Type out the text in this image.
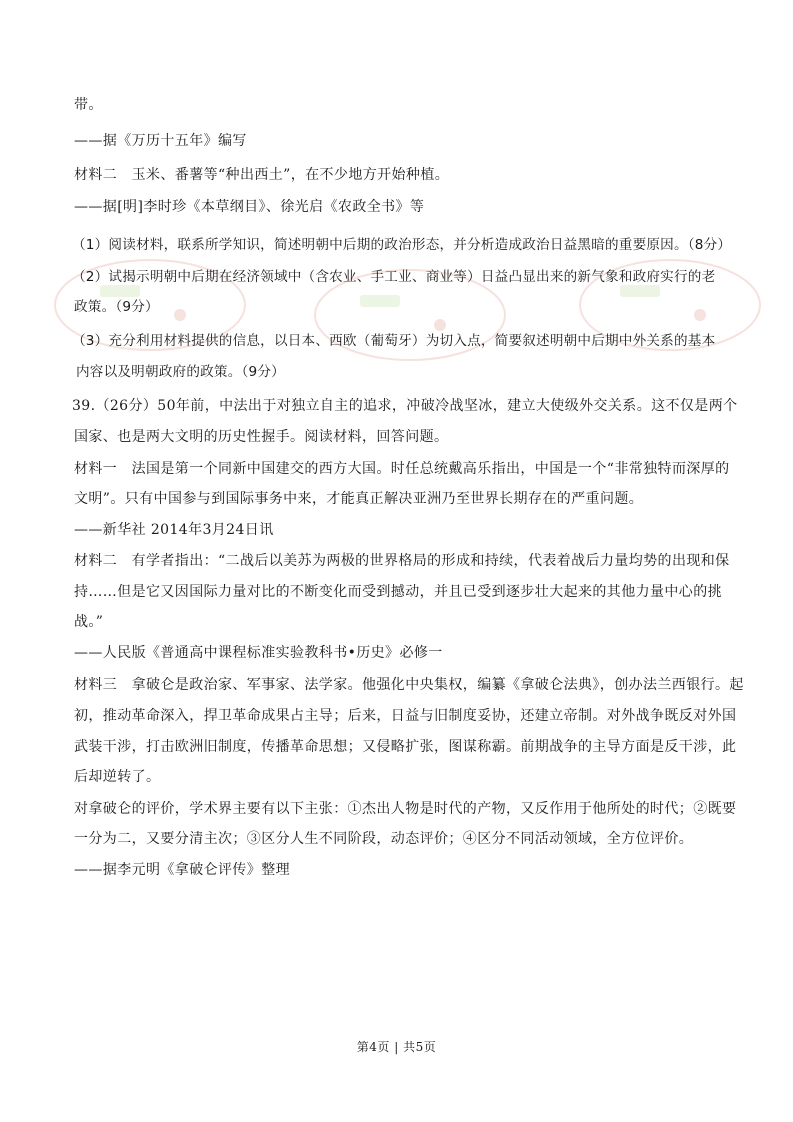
带。
——据《万历十五年》编写
材料二　玉米、番薯等“种出西土”，在不少地方开始种植。
——据[明]李时珍《本草纲目》、徐光启《农政全书》等
（1）阅读材料，联系所学知识，简述明朝中后期的政治形态，并分析造成政治日益黑暗的重要原因。（8分）
（2）试揭示明朝中后期在经济领域中（含农业、手工业、商业等）日益凸显出来的新气象和政府实行的老
政策。（9分）
（3）充分利用材料提供的信息，以日本、西欧（葡萄牙）为切入点，简要叙述明朝中后期中外关系的基本
内容以及明朝政府的政策。（9分）
39.（26分）50年前，中法出于对独立自主的追求，冲破冷战坚冰，建立大使级外交关系。这不仅是两个
国家、也是两大文明的历史性握手。阅读材料，回答问题。
材料一　法国是第一个同新中国建交的西方大国。时任总统戴高乐指出，中国是一个“非常独特而深厚的
文明”。只有中国参与到国际事务中来，才能真正解决亚洲乃至世界长期存在的严重问题。
——新华社 2014年3月24日讯
材料二　有学者指出：“二战后以美苏为两极的世界格局的形成和持续，代表着战后力量均势的出现和保
持……但是它又因国际力量对比的不断变化而受到撼动，并且已受到逐步壮大起来的其他力量中心的挑
战。”
——人民版《普通高中课程标准实验教科书•历史》必修一
材料三　拿破仑是政治家、军事家、法学家。他强化中央集权，编纂《拿破仑法典》，创办法兰西银行。起
初，推动革命深入，捍卫革命成果占主导；后来，日益与旧制度妥协，还建立帝制。对外战争既反对外国
武装干涉，打击欧洲旧制度，传播革命思想；又侵略扩张，图谋称霸。前期战争的主导方面是反干涉，此
后却逆转了。
对拿破仑的评价，学术界主要有以下主张：①杰出人物是时代的产物，又反作用于他所处的时代；②既要
一分为二，又要分清主次；③区分人生不同阶段，动态评价；④区分不同活动领域，全方位评价。
——据李元明《拿破仑评传》整理
第4页 | 共5页
